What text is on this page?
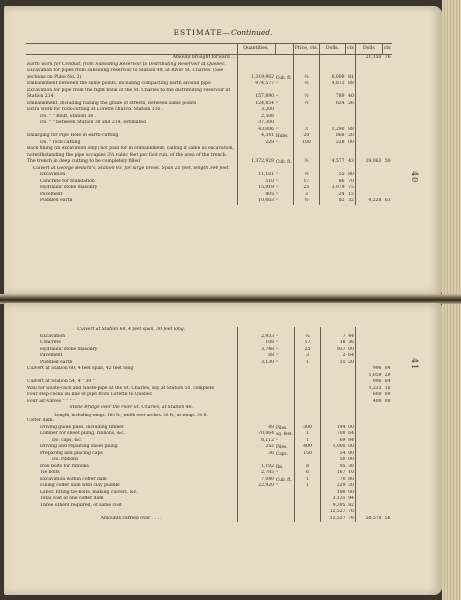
ESTIMATE—Continued.
40
	Quantities.		Price, cts.	Dolls.	cts	Dolls	cts
Amount brought forward . .						21,150	76
Earth work for Conduit, from Subsiding Reservoir to Distributing Reservoir at Quebec.							
Excavation for pipes from subsiding reservoir to Station 49, at River St. Charles. (See sections on Plate No. 2)	1,319,962	Cub. ft.	¼	6,099	81		
Embankment between the same points, including compacting earth around pipe	974,577	"	½	4,872	88		
Excavation for pipe from the right bank of the St. Charles to the distributing reservoir at Station 214	157,890	"	½	789	40		
Embankment, including raising the grade of streets, between same points	124,854	"	½	624	26		
Extra work for rock-cutting at Lorette church, Station 116 .	3,200						
Do. " " Bluff, Station 38 .	2,506						
Do. " " between Station 38 and 214, estimated	37,300						
	43,006	"	3	1,290	88		
Enlarging for Pipe Hole in earth-cutting	4,341	Hubs.	20	868	20		
Do. " rock-cutting	228	"	100	228	00		
Back filling (in excavation only) not paid for in embankment, calling it same as excavation, notwithstanding the pipe occupies 3¼ cubic feet per foot run, of the area of the trench. The trench in deep cutting to be completely filled	1,372,929	Cub. ft.	⅓	4,577	43	19,063	50
Culvert at George Bedard's, Station 93, for large brook. Span 25 feet, length 344 feet.							
Excavation	11,161	"	½	55	80		
Concrete for foundation	510	"	17	86	70		
Hydraulic stone masonry	15,919	"	25	3,979	75		
Pavement	805	"	3	24	15		
Puddled earth	10,663	"	½	82	32	4,228	63
41
Culvert at Station 64, 4 feet span, 30 feet long.							
Excavation	2,933	"	¼	7	44		
Concrete	108	"	17	18	36		
Hydraulic stone masonry	3,748	"	25	937	00		
Pavement	88	"	3	2	64		
Puddled earth	3,130	"	1	31	20		
Culvert at Station 60, 4 feet span, 42 feet long						996	84
						1,059	29
Culvert at Station 54, 4 " 30 "						996	84
Wall for waste-cock and waste-pipe at the St. Charles, say at Station 50, complete						1,233	10
Four step-cocks on line of pipe from Lorette to Quebec						600	00
Four air-valves " " " "						400	00
Stone Bridge over the river St. Charles, at Station 48.							
Length, including wings, 160 ft.; width over arches, 26 ft.; at wings, 30 ft.							
Coffer dam.							
Driving guide piles, including timber	48	Piles.	300	144	00		
Lumber for sheet piling, ribbons, &c.	70,064	sq. feet.	1	700	64		
Do. caps, &c.	8,112	"	1	69	84		
Driving and repairing sheet piling	25c	Piles.	400	1,000	00		
Preparing and placing caps	36	Caps.	150	54	00		
Do. ribbons				50	00		
Iron bolts for ribbons	1,192	lbs.	8	95	36		
Tie bolts	2,785	"	6	167	10		
Excavation within coffer dam	7,040	Cub. ft.	1	70	80		
Filling coffer dam with clay puddle	22,920	"	1	229	20		
Labor, fitting tie-bolts, making culvert, &c.				100	00		

Total cost of one coffer dam				3,131	94		
Three others required, of same cost				9,395	82		
				12,527	76		
Amounts carried over . . . .				12,527	76	50,578	56
